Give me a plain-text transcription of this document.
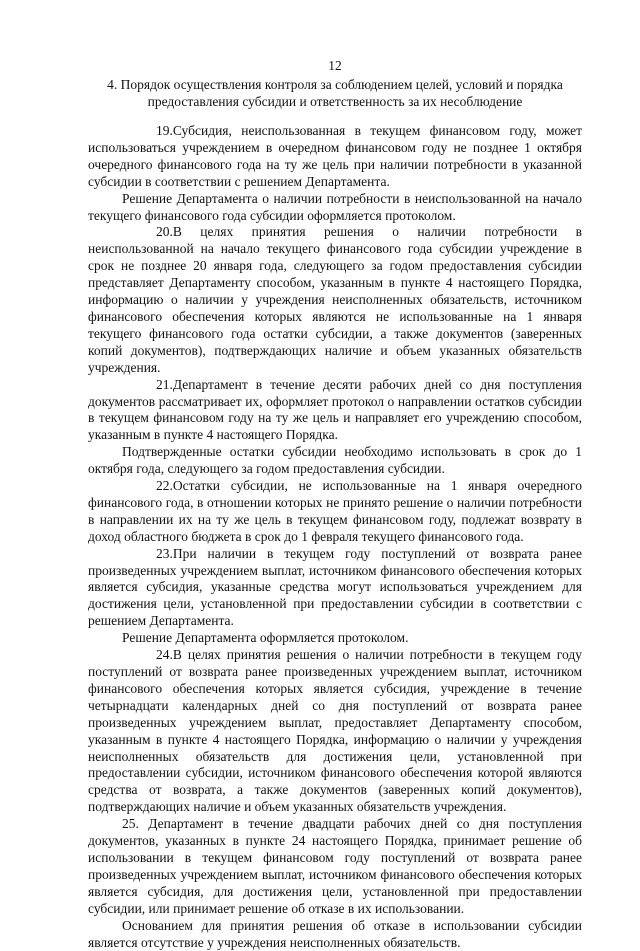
12

4. Порядок осуществления контроля за соблюдением целей, условий и порядка предоставления субсидии и ответственность за их несоблюдение

19.Субсидия, неиспользованная в текущем финансовом году, может использоваться учреждением в очередном финансовом году не позднее 1 октября очередного финансового года на ту же цель при наличии потребности в указанной субсидии в соответствии с решением Департамента.

Решение Департамента о наличии потребности в неиспользованной на начало текущего финансового года субсидии оформляется протоколом.

20.В целях принятия решения о наличии потребности в неиспользованной на начало текущего финансового года субсидии учреждение в срок не позднее 20 января года, следующего за годом предоставления субсидии представляет Департаменту способом, указанным в пункте 4 настоящего Порядка, информацию о наличии у учреждения неисполненных обязательств, источником финансового обеспечения которых являются не использованные на 1 января текущего финансового года остатки субсидии, а также документов (заверенных копий документов), подтверждающих наличие и объем указанных обязательств учреждения.

21.Департамент в течение десяти рабочих дней со дня поступления документов рассматривает их, оформляет протокол о направлении остатков субсидии в текущем финансовом году на ту же цель и направляет его учреждению способом, указанным в пункте 4 настоящего Порядка.

Подтвержденные остатки субсидии необходимо использовать в срок до 1 октября года, следующего за годом предоставления субсидии.

22.Остатки субсидии, не использованные на 1 января очередного финансового года, в отношении которых не принято решение о наличии потребности в направлении их на ту же цель в текущем финансовом году, подлежат возврату в доход областного бюджета в срок до 1 февраля текущего финансового года.

23.При наличии в текущем году поступлений от возврата ранее произведенных учреждением выплат, источником финансового обеспечения которых является субсидия, указанные средства могут использоваться учреждением для достижения цели, установленной при предоставлении субсидии в соответствии с решением Департамента.

Решение Департамента оформляется протоколом.

24.В целях принятия решения о наличии потребности в текущем году поступлений от возврата ранее произведенных учреждением выплат, источником финансового обеспечения которых является субсидия, учреждение в течение четырнадцати календарных дней со дня поступлений от возврата ранее произведенных учреждением выплат, предоставляет Департаменту способом, указанным в пункте 4 настоящего Порядка, информацию о наличии у учреждения неисполненных обязательств для достижения цели, установленной при предоставлении субсидии, источником финансового обеспечения которой являются средства от возврата, а также документов (заверенных копий документов), подтверждающих наличие и объем указанных обязательств учреждения.

25. Департамент в течение двадцати рабочих дней со дня поступления документов, указанных в пункте 24 настоящего Порядка, принимает решение об использовании в текущем финансовом году поступлений от возврата ранее произведенных учреждением выплат, источником финансового обеспечения которых является субсидия, для достижения цели, установленной при предоставлении субсидии, или принимает решение об отказе в их использовании.

Основанием для принятия решения об отказе в использовании субсидии является отсутствие у учреждения неисполненных обязательств.
